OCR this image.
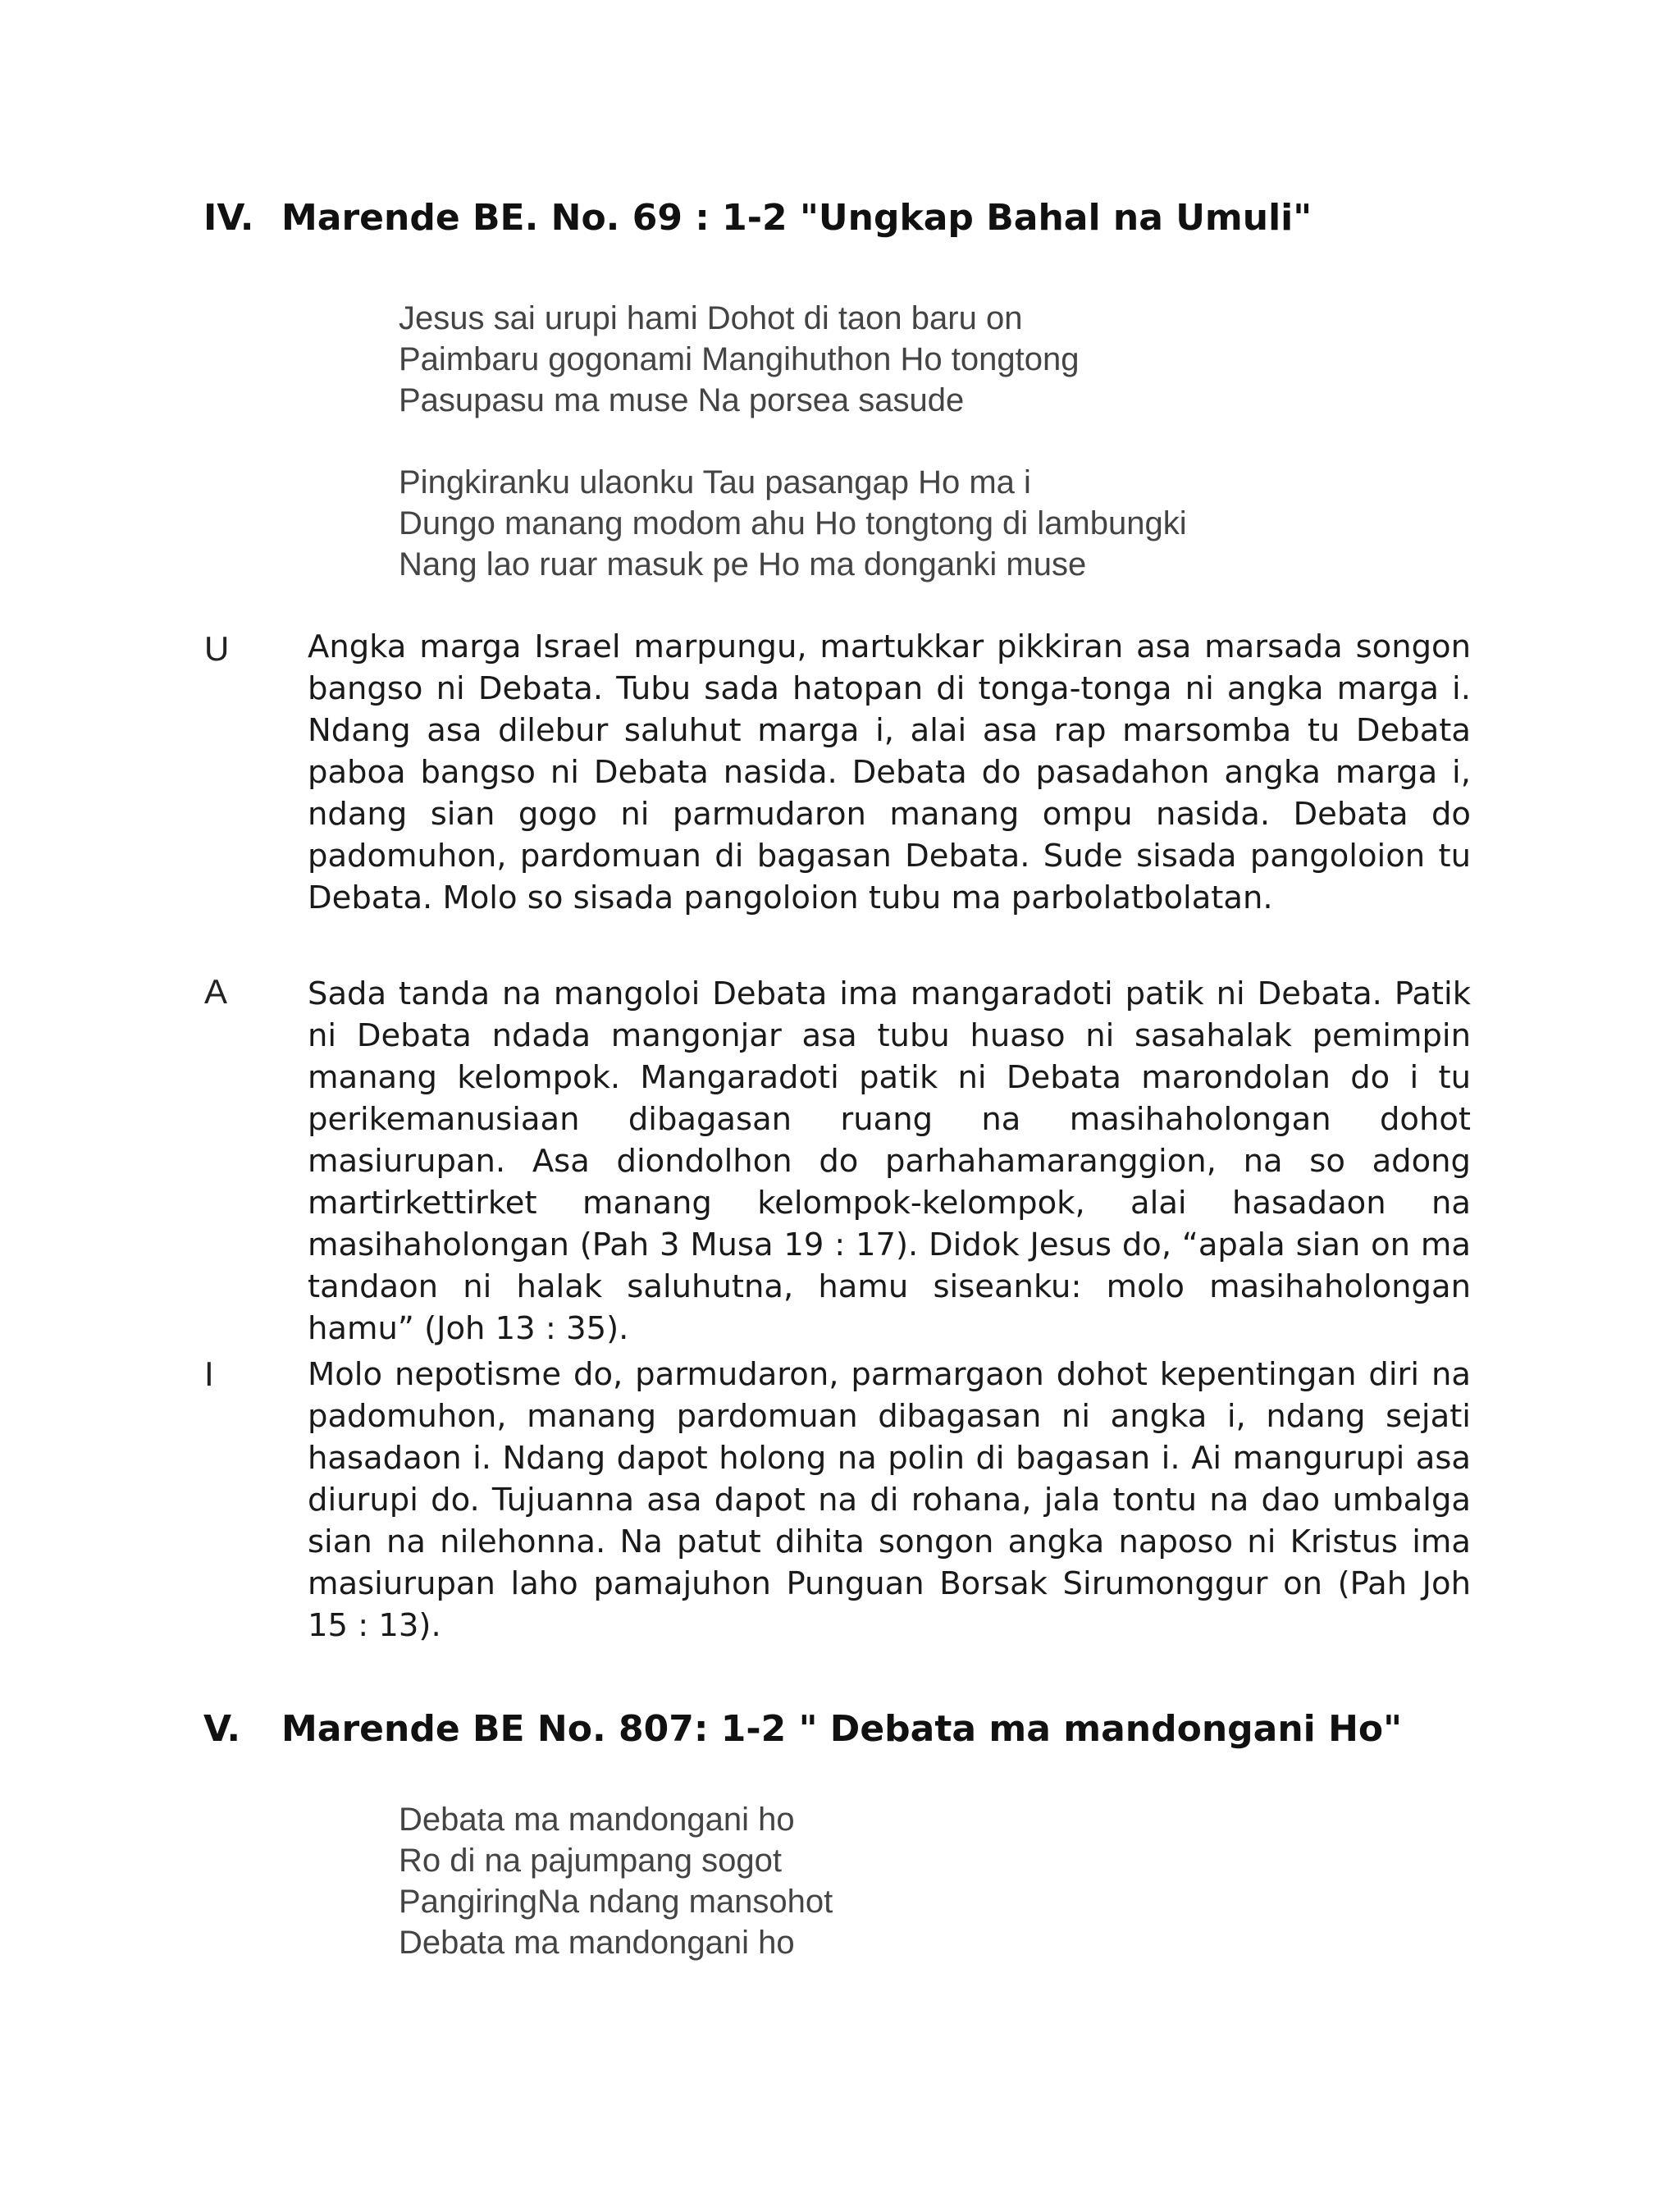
IV. Marende BE. No. 69 : 1-2 "Ungkap Bahal na Umuli"
Jesus sai urupi hami Dohot di taon baru on
Paimbaru gogonami Mangihuthon Ho tongtong
Pasupasu ma muse Na porsea sasude
Pingkiranku ulaonku Tau pasangap Ho ma i
Dungo manang modom ahu Ho tongtong di lambungki
Nang lao ruar masuk pe Ho ma donganki muse
U Angka marga Israel marpungu, martukkar pikkiran asa marsada songon bangso ni Debata. Tubu sada hatopan di tonga-tonga ni angka marga i. Ndang asa dilebur saluhut marga i, alai asa rap marsomba tu Debata paboa bangso ni Debata nasida. Debata do pasadahon angka marga i, ndang sian gogo ni parmudaron manang ompu nasida. Debata do padomuhon, pardomuan di bagasan Debata. Sude sisada pangoloion tu Debata. Molo so sisada pangoloion tubu ma parbolatbolatan.
A	Sada tanda na mangoloi Debata ima mangaradoti patik ni Debata. Patik ni Debata ndada mangonjar asa tubu huaso ni sasahalak pemimpin manang kelompok. Mangaradoti patik ni Debata marondolan do i tu perikemanusiaan dibagasan ruang na masihaholongan dohot masiurupan. Asa diondolhon do parhahamaranggion, na so adong martirkettirket manang kelompok-kelompok, alai hasadaon na masihaholongan (Pah 3 Musa 19 : 17). Didok Jesus do, “apala sian on ma tandaon ni halak saluhutna, hamu siseanku: molo masihaholongan hamu” (Joh 13 : 35).
I	Molo nepotisme do, parmudaron, parmargaon dohot kepentingan diri na padomuhon, manang pardomuan dibagasan ni angka i, ndang sejati hasadaon i. Ndang dapot holong na polin di bagasan i. Ai mangurupi asa diurupi do. Tujuanna asa dapot na di rohana, jala tontu na dao umbalga sian na nilehonna. Na patut dihita songon angka naposo ni Kristus ima masiurupan laho pamajuhon Punguan Borsak Sirumonggur on (Pah Joh 15 : 13).
V. Marende BE No. 807: 1-2 " Debata ma mandongani Ho"
Debata ma mandongani ho
Ro di na pajumpang sogot
PangiringNa ndang mansohot
Debata ma mandongani ho
